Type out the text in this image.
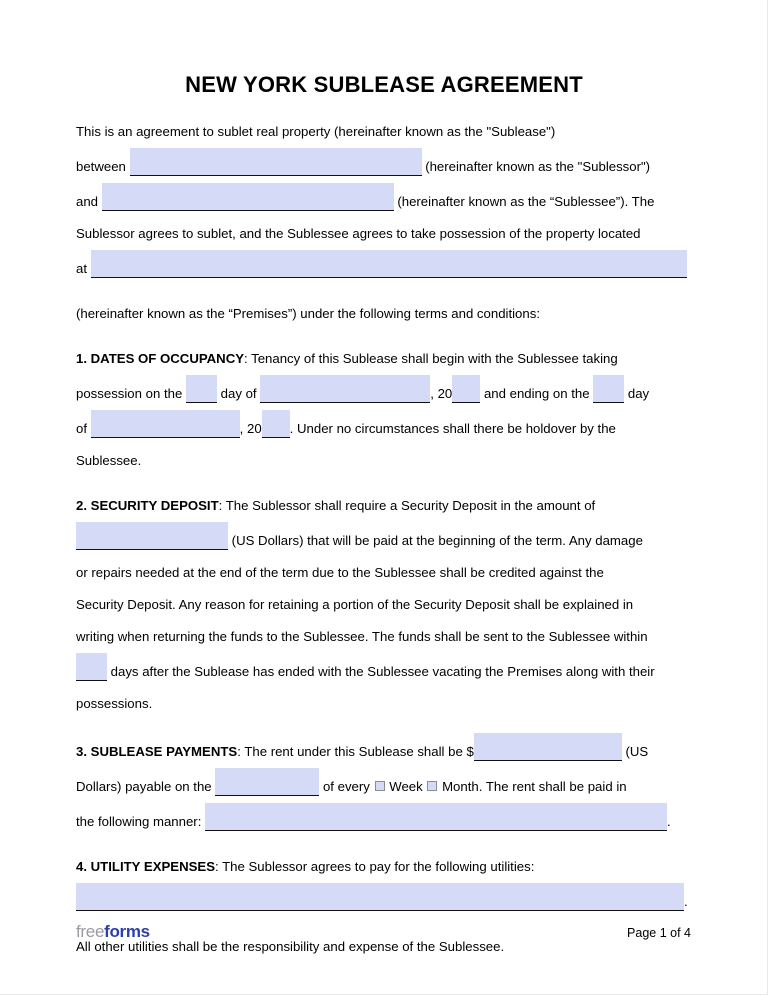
NEW YORK SUBLEASE AGREEMENT
This is an agreement to sublet real property (hereinafter known as the "Sublease")
between	(hereinafter known as the "Sublessor")
and	(hereinafter known as the “Sublessee”). The
Sublessor agrees to sublet, and the Sublessee agrees to take possession of the property located
at
(hereinafter known as the “Premises”) under the following terms and conditions:
1. DATES OF OCCUPANCY: Tenancy of this Sublease shall begin with the Sublessee taking
possession on the	day of	, 20 and ending on the	day
of	, 20 . Under no circumstances shall there be holdover by the
Sublessee.
2. SECURITY DEPOSIT: The Sublessor shall require a Security Deposit in the amount of
(US Dollars) that will be paid at the beginning of the term. Any damage
or repairs needed at the end of the term due to the Sublessee shall be credited against the
Security Deposit. Any reason for retaining a portion of the Security Deposit shall be explained in
writing when returning the funds to the Sublessee. The funds shall be sent to the Sublessee within
days after the Sublease has ended with the Sublessee vacating the Premises along with their
possessions.
3. SUBLEASE PAYMENTS: The rent under this Sublease shall be $	(US
Dollars) payable on the	of every Week Month. The rent shall be paid in
the following manner:	.
4. UTILITY EXPENSES: The Sublessor agrees to pay for the following utilities:
.
All other utilities shall be the responsibility and expense of the Sublessee.
freeforms	Page 1 of 4
